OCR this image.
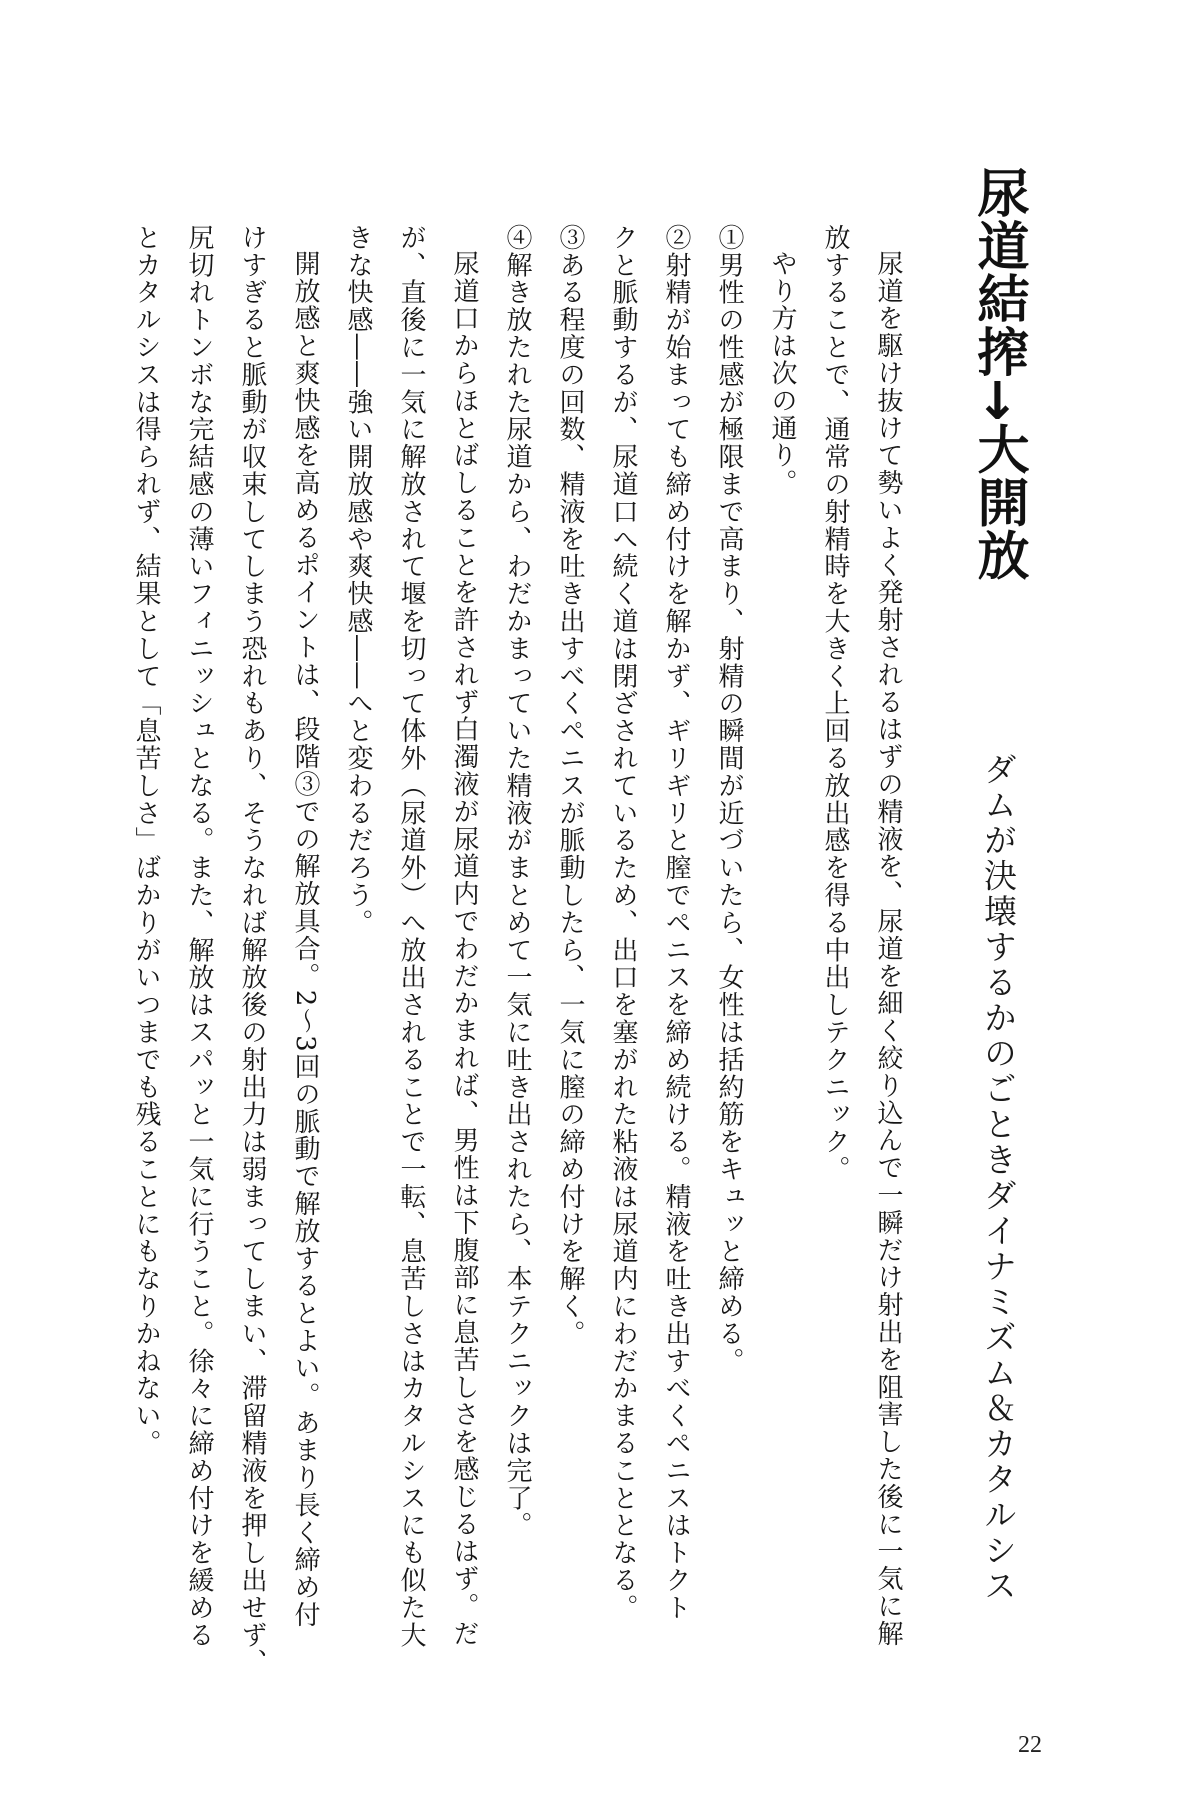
尿道結搾→大開放
ダムが決壊するかのごときダイナミズム＆カタルシス
尿道を駆け抜けて勢いよく発射されるはずの精液を、尿道を細く絞り込んで一瞬だけ射出を阻害した後に一気に解
放することで、通常の射精時を大きく上回る放出感を得る中出しテクニック。
やり方は次の通り。
①男性の性感が極限まで高まり、射精の瞬間が近づいたら、女性は括約筋をキュッと締める。
②射精が始まっても締め付けを解かず、ギリギリと膣でペニスを締め続ける。精液を吐き出すべくペニスはトクト
クと脈動するが、尿道口へ続く道は閉ざされているため、出口を塞がれた粘液は尿道内にわだかまることとなる。
③ある程度の回数、精液を吐き出すべくペニスが脈動したら、一気に膣の締め付けを解く。
④解き放たれた尿道から、わだかまっていた精液がまとめて一気に吐き出されたら、本テクニックは完了。
尿道口からほとばしることを許されず白濁液が尿道内でわだかまれば、男性は下腹部に息苦しさを感じるはず。だ
が、直後に一気に解放されて堰を切って体外（尿道外）へ放出されることで一転、息苦しさはカタルシスにも似た大
きな快感――強い開放感や爽快感――へと変わるだろう。
開放感と爽快感を高めるポイントは、段階③での解放具合。2～3回の脈動で解放するとよい。あまり長く締め付
けすぎると脈動が収束してしまう恐れもあり、そうなれば解放後の射出力は弱まってしまい、滞留精液を押し出せず、
尻切れトンボな完結感の薄いフィニッシュとなる。また、解放はスパッと一気に行うこと。徐々に締め付けを緩める
とカタルシスは得られず、結果として「息苦しさ」ばかりがいつまでも残ることにもなりかねない。
22
